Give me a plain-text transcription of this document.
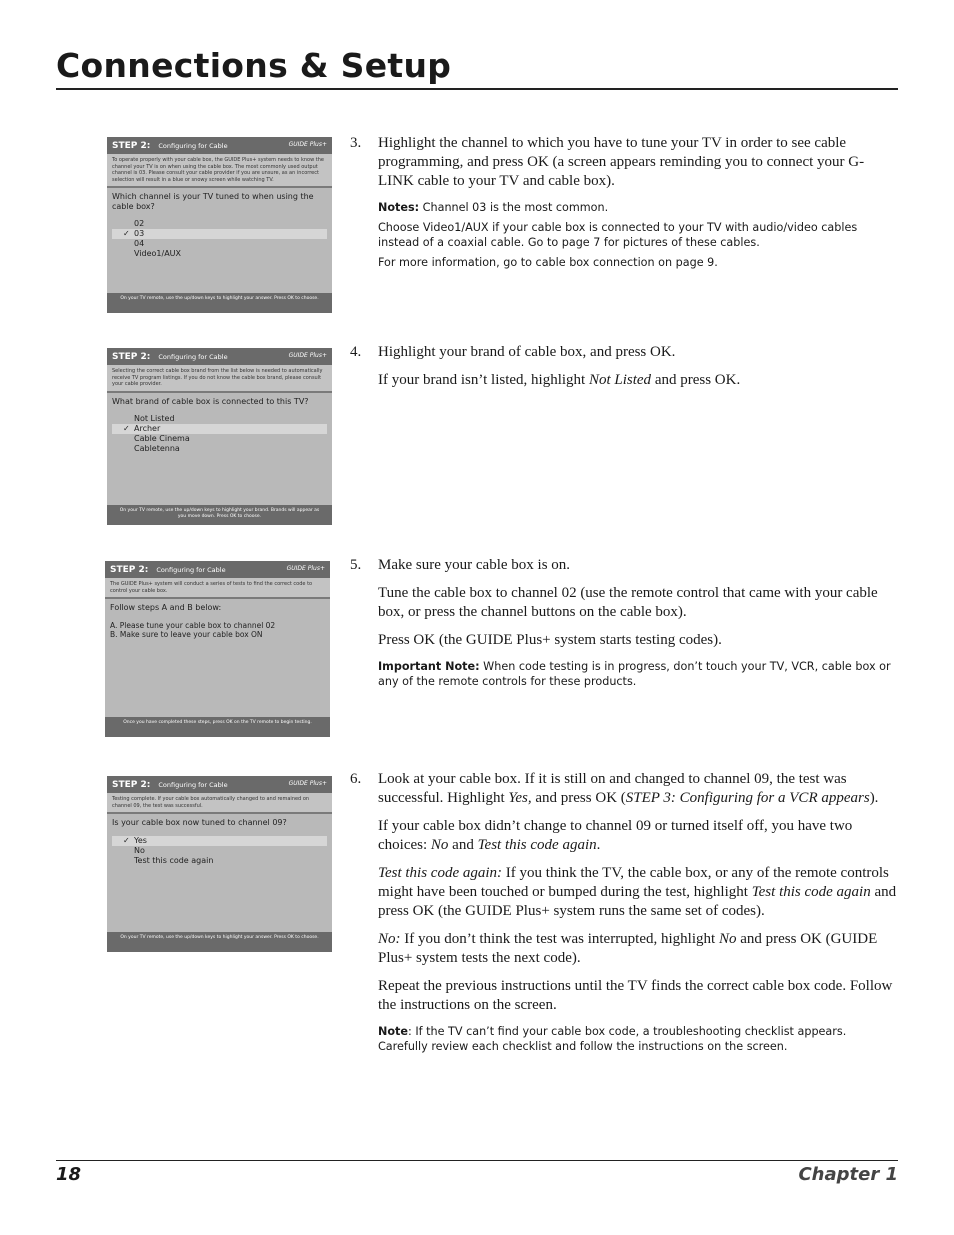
Connections & Setup
STEP 2: Configuring for Cable	GUIDE Plus+
To operate properly with your cable box, the GUIDE Plus+ system needs to know the channel your TV is on when using the cable box. The most commonly used output channel is 03. Please consult your cable provider if you are unsure, as an incorrect selection will result in a blue or snowy screen while watching TV.
Which channel is your TV tuned to when using the cable box?
02
✓ 03
04
Video1/AUX
On your TV remote, use the up/down keys to highlight your answer. Press OK to choose.
3. Highlight the channel to which you have to tune your TV in order to see cable programming, and press OK (a screen appears reminding you to connect your G-LINK cable to your TV and cable box).

Notes: Channel 03 is the most common.

Choose Video1/AUX if your cable box is connected to your TV with audio/video cables instead of a coaxial cable. Go to page 7 for pictures of these cables.

For more information, go to cable box connection on page 9.

STEP 2: Configuring for Cable	GUIDE Plus+
Selecting the correct cable box brand from the list below is needed to automatically receive TV program listings. If you do not know the cable box brand, please consult your cable provider.
What brand of cable box is connected to this TV?
Not Listed
✓ Archer
Cable Cinema
Cabletenna
On your TV remote, use the up/down keys to highlight your brand. Brands will appear as you move down. Press OK to choose.
4. Highlight your brand of cable box, and press OK.

If your brand isn’t listed, highlight Not Listed and press OK.

STEP 2: Configuring for Cable	GUIDE Plus+
The GUIDE Plus+ system will conduct a series of tests to find the correct code to control your cable box.
Follow steps A and B below:
A. Please tune your cable box to channel 02
B. Make sure to leave your cable box ON
Once you have completed these steps, press OK on the TV remote to begin testing.
5. Make sure your cable box is on.

Tune the cable box to channel 02 (use the remote control that came with your cable box, or press the channel buttons on the cable box).

Press OK (the GUIDE Plus+ system starts testing codes).

Important Note: When code testing is in progress, don’t touch your TV, VCR, cable box or any of the remote controls for these products.

STEP 2: Configuring for Cable	GUIDE Plus+
Testing complete. If your cable box automatically changed to and remained on channel 09, the test was successful.
Is your cable box now tuned to channel 09?
✓ Yes
No
Test this code again
On your TV remote, use the up/down keys to highlight your answer. Press OK to choose.
6. Look at your cable box. If it is still on and changed to channel 09, the test was successful. Highlight Yes, and press OK (STEP 3: Configuring for a VCR appears).

If your cable box didn’t change to channel 09 or turned itself off, you have two choices: No and Test this code again.

Test this code again: If you think the TV, the cable box, or any of the remote controls might have been touched or bumped during the test, highlight Test this code again and press OK (the GUIDE Plus+ system runs the same set of codes).

No: If you don’t think the test was interrupted, highlight No and press OK (GUIDE Plus+ system tests the next code).

Repeat the previous instructions until the TV finds the correct cable box code. Follow the instructions on the screen.

Note: If the TV can’t find your cable box code, a troubleshooting checklist appears. Carefully review each checklist and follow the instructions on the screen.

18	Chapter 1
